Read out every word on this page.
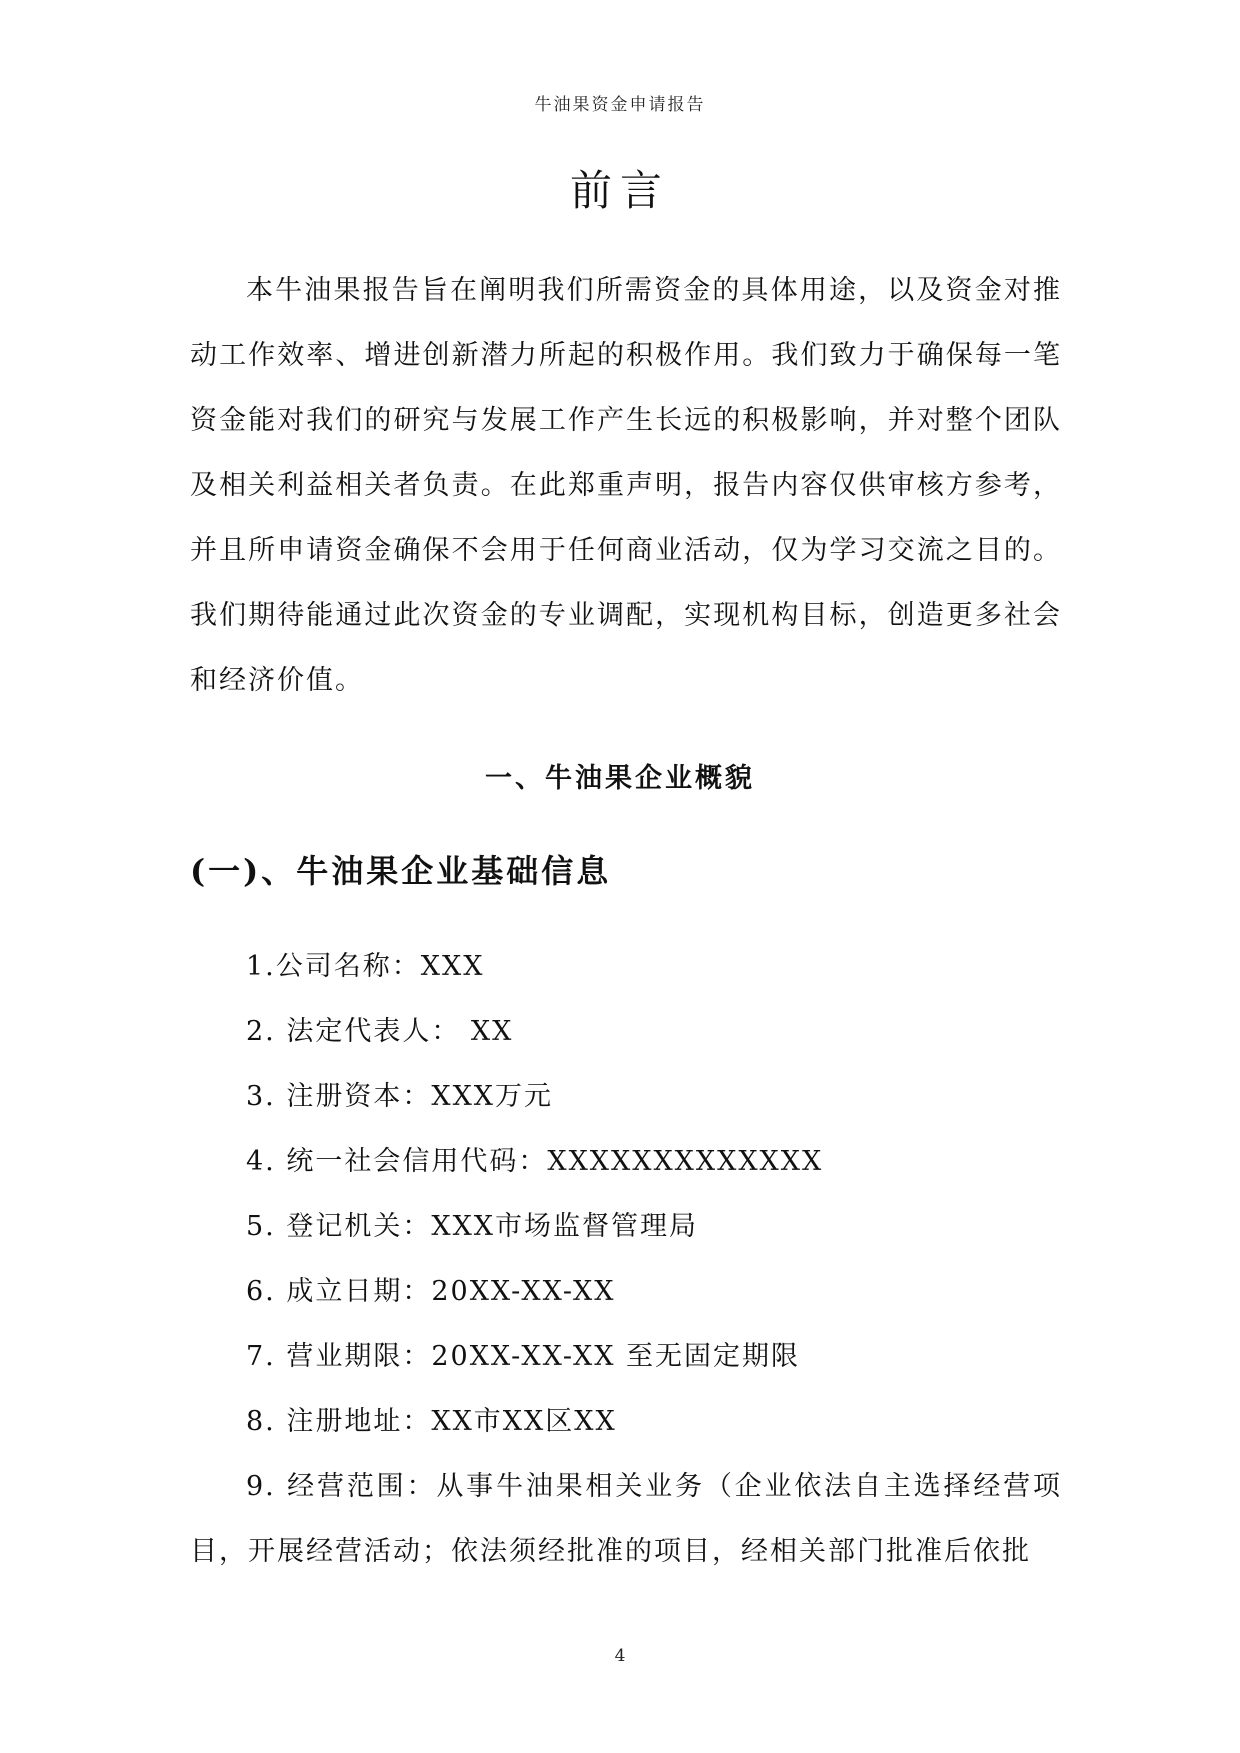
牛油果资金申请报告
前言

本牛油果报告旨在阐明我们所需资金的具体用途，以及资金对推动工作效率、增进创新潜力所起的积极作用。我们致力于确保每一笔资金能对我们的研究与发展工作产生长远的积极影响，并对整个团队及相关利益相关者负责。在此郑重声明，报告内容仅供审核方参考，并且所申请资金确保不会用于任何商业活动，仅为学习交流之目的。我们期待能通过此次资金的专业调配，实现机构目标，创造更多社会和经济价值。

一、牛油果企业概貌
(一)、牛油果企业基础信息
1.公司名称：XXX
2. 法定代表人： XX
3. 注册资本：XXX万元
4. 统一社会信用代码：XXXXXXXXXXXXX
5. 登记机关：XXX市场监督管理局
6. 成立日期：20XX-XX-XX
7. 营业期限：20XX-XX-XX 至无固定期限
8. 注册地址：XX市XX区XX
9. 经营范围：从事牛油果相关业务（企业依法自主选择经营项目，开展经营活动；依法须经批准的项目，经相关部门批准后依批
4
